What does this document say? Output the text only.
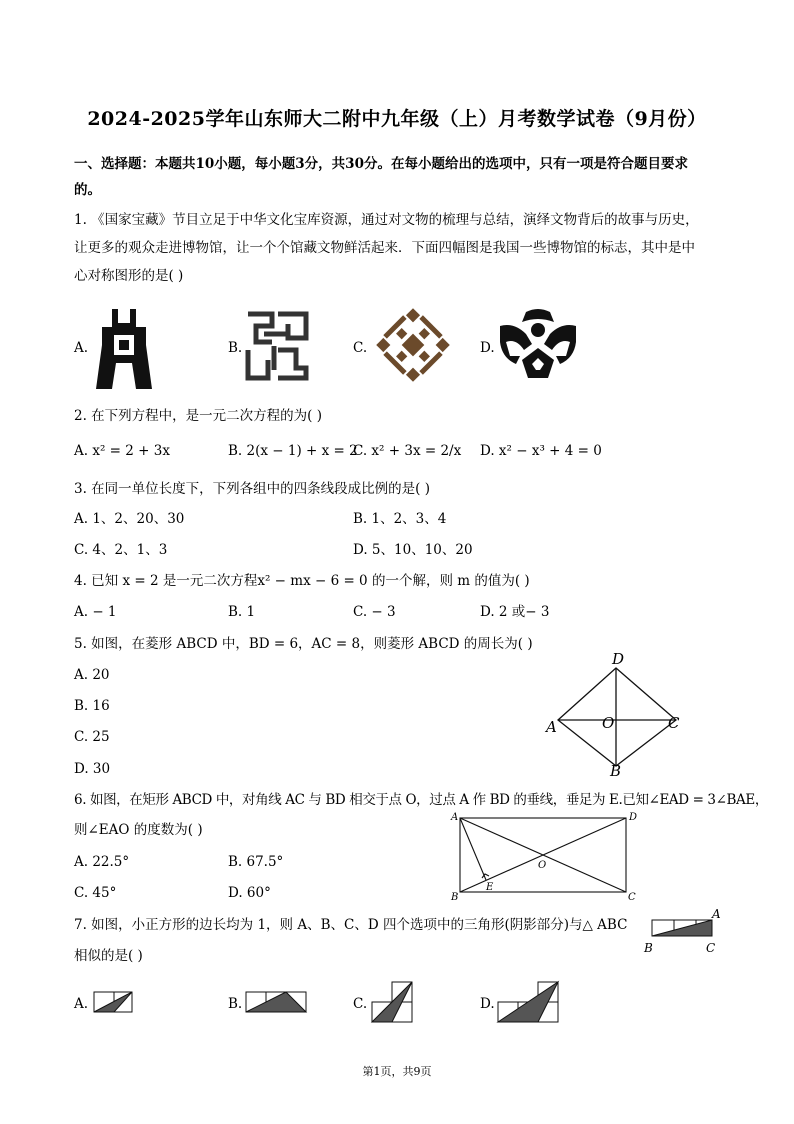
2024-2025学年山东师大二附中九年级（上）月考数学试卷（9月份）
一、选择题：本题共10小题，每小题3分，共30分。在每小题给出的选项中，只有一项是符合题目要求
的。
1. 《国家宝藏》节目立足于中华文化宝库资源，通过对文物的梳理与总结，演绎文物背后的故事与历史，
让更多的观众走进博物馆，让一个个馆藏文物鲜活起来．下面四幅图是我国一些博物馆的标志，其中是中
心对称图形的是( )
A.	B.	C.	D.
2. 在下列方程中，是一元二次方程的为( )
A. x² = 2 + 3x	B. 2(x − 1) + x = 2
C. x² + 3x = 2/x D. x² − x³ + 4 = 0
3. 在同一单位长度下，下列各组中的四条线段成比例的是( )
A. 1、2、20、30	B. 1、2、3、4
C. 4、2、1、3	D. 5、10、10、20
4. 已知 x = 2 是一元二次方程x² − mx − 6 = 0 的一个解，则 m 的值为( )
A. − 1	B. 1	C. − 3	D. 2 或− 3
5. 如图，在菱形 ABCD 中，BD = 6，AC = 8，则菱形 ABCD 的周长为( )
A. 20
B. 16
C. 25
D. 30
D
A	O	C
B
6. 如图，在矩形 ABCD 中，对角线 AC 与 BD 相交于点 O，过点 A 作 BD 的垂线，垂足为 E.已知∠EAD = 3∠BAE，
则∠EAO 的度数为( )
A. 22.5°	B. 67.5°
C. 45°	D. 60°
A	D
O
E
B	C
7. 如图，小正方形的边长均为 1，则 A、B、C、D 四个选项中的三角形(阴影部分)与△ ABC
相似的是( )
A
B	C
A.	B.	C.	D.
第1页，共9页
